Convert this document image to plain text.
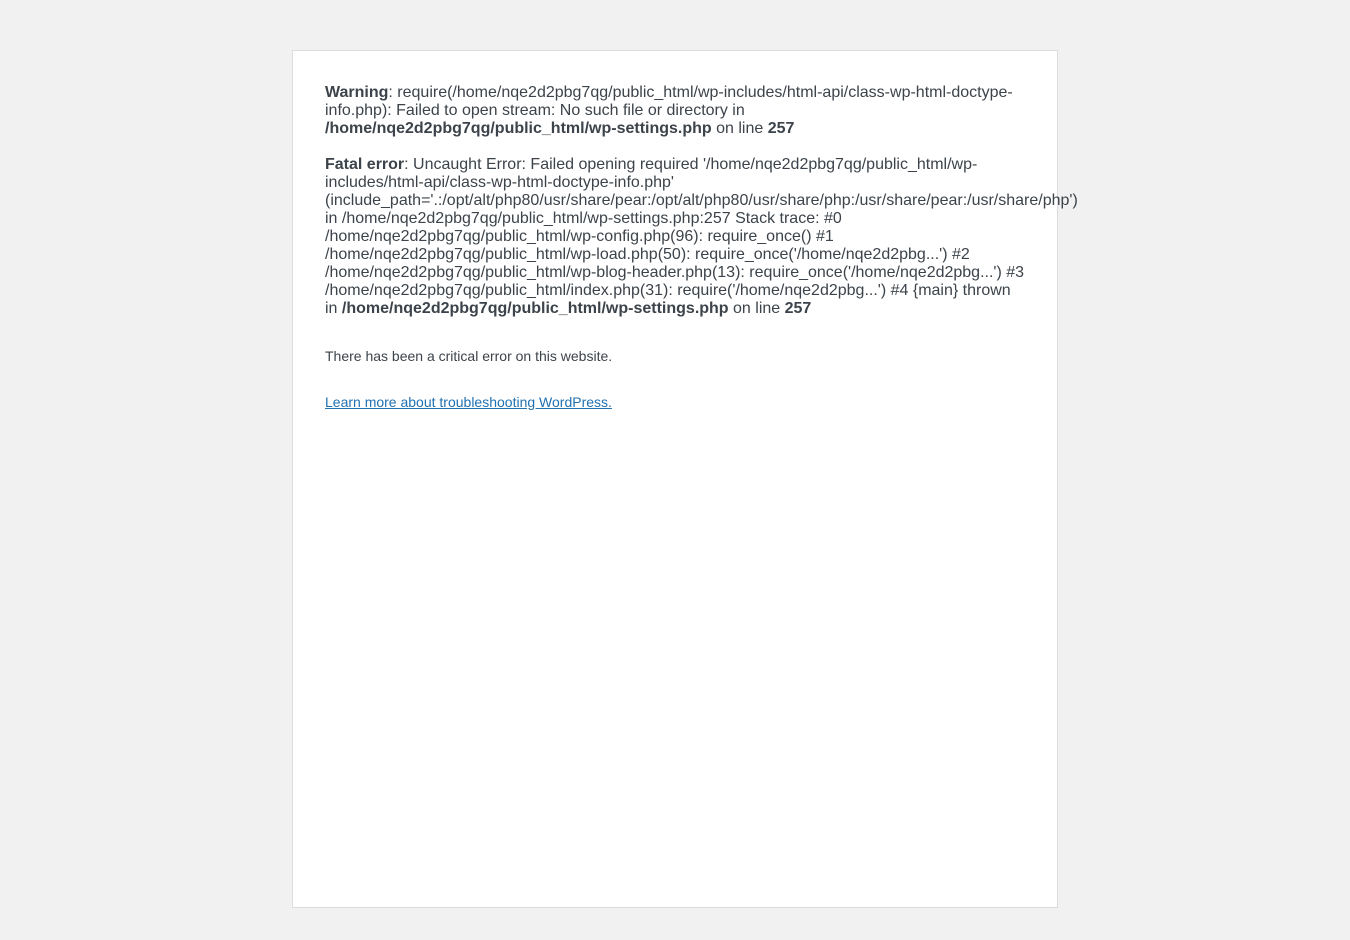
Warning: require(/home/nqe2d2pbg7qg/public_html/wp-includes/html-api/class-wp-html-doctype-
info.php): Failed to open stream: No such file or directory in
/home/nqe2d2pbg7qg/public_html/wp-settings.php on line 257
Fatal error: Uncaught Error: Failed opening required '/home/nqe2d2pbg7qg/public_html/wp-
includes/html-api/class-wp-html-doctype-info.php'
(include_path='.:/opt/alt/php80/usr/share/pear:/opt/alt/php80/usr/share/php:/usr/share/pear:/usr/share/php')
in /home/nqe2d2pbg7qg/public_html/wp-settings.php:257 Stack trace: #0
/home/nqe2d2pbg7qg/public_html/wp-config.php(96): require_once() #1
/home/nqe2d2pbg7qg/public_html/wp-load.php(50): require_once('/home/nqe2d2pbg...') #2
/home/nqe2d2pbg7qg/public_html/wp-blog-header.php(13): require_once('/home/nqe2d2pbg...') #3
/home/nqe2d2pbg7qg/public_html/index.php(31): require('/home/nqe2d2pbg...') #4 {main} thrown
in /home/nqe2d2pbg7qg/public_html/wp-settings.php on line 257

There has been a critical error on this website.

Learn more about troubleshooting WordPress.
